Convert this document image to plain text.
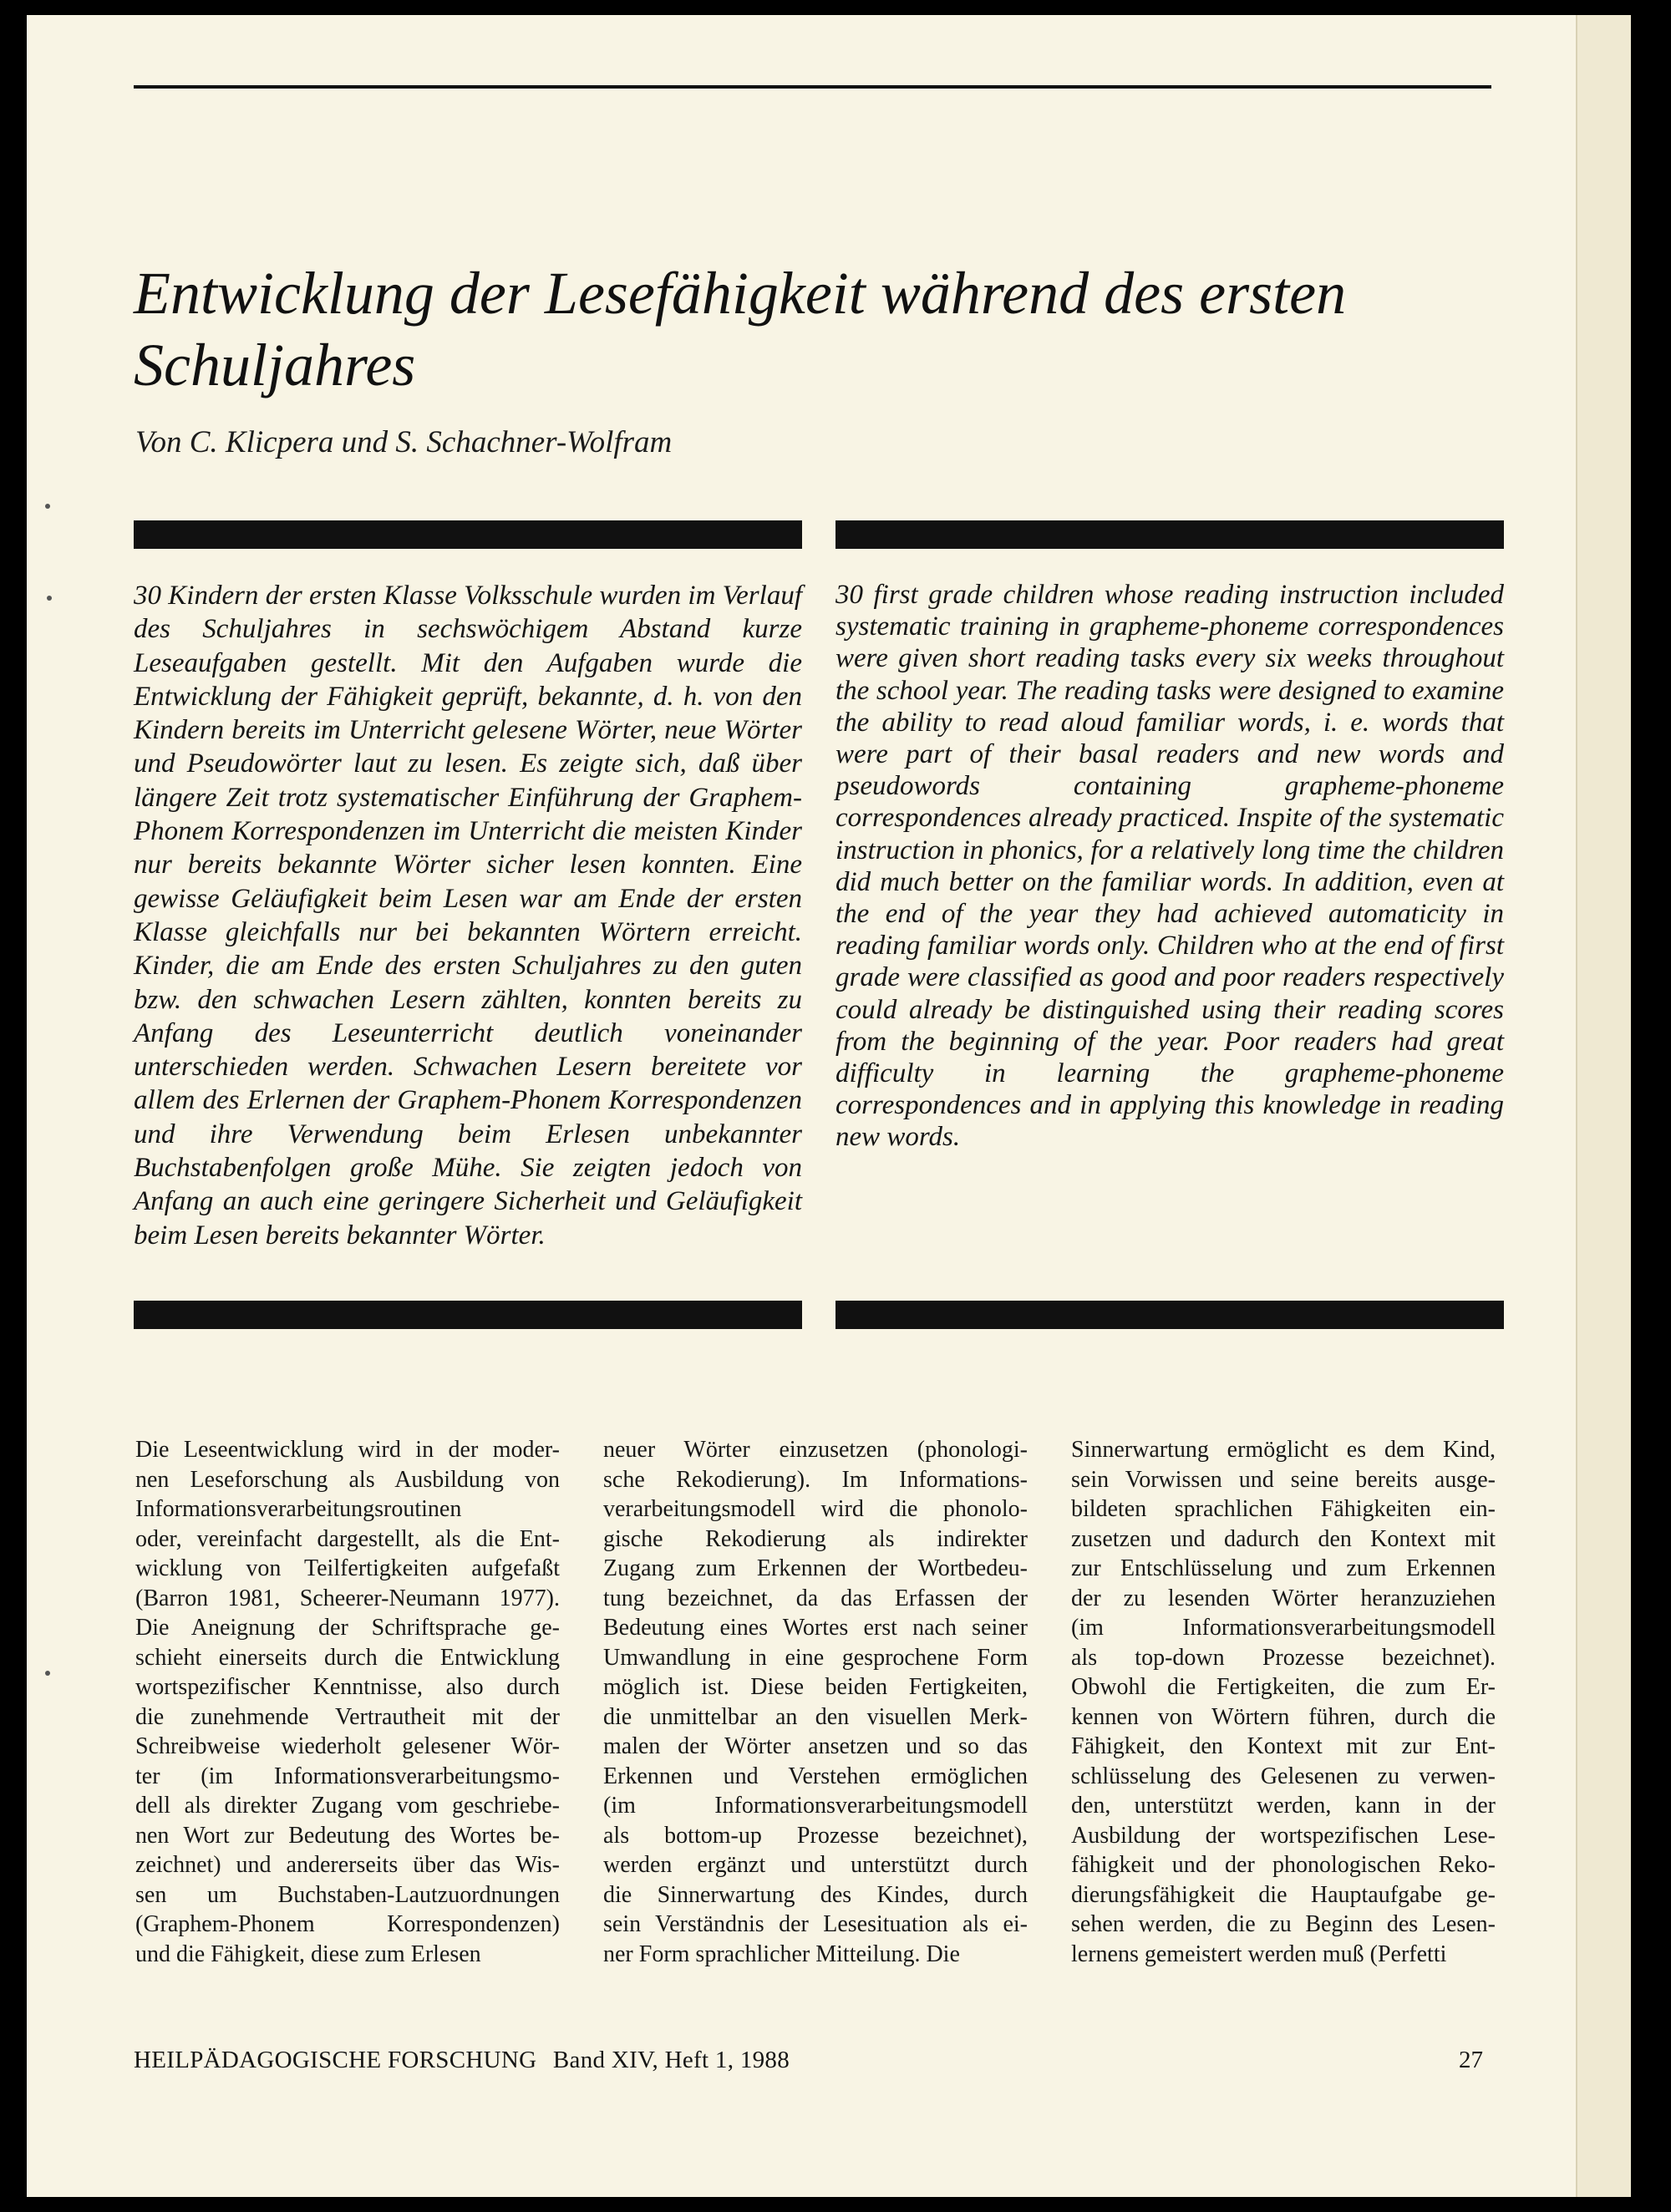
Entwicklung der Lesefähigkeit während des ersten
Schuljahres
Von C. Klicpera und S. Schachner-Wolfram
30 Kindern der ersten Klasse Volksschule wurden im Verlauf des Schuljahres in sechswöchigem Abstand kurze Leseaufgaben gestellt. Mit den Aufgaben wurde die Entwicklung der Fähigkeit geprüft, bekannte, d. h. von den Kindern bereits im Unterricht gelesene Wörter, neue Wörter und Pseudowörter laut zu lesen. Es zeigte sich, daß über längere Zeit trotz systematischer Einführung der Graphem-Phonem Korrespondenzen im Unterricht die meisten Kinder nur bereits bekannte Wörter sicher lesen konnten. Eine gewisse Geläufigkeit beim Lesen war am Ende der ersten Klasse gleichfalls nur bei bekannten Wörtern erreicht. Kinder, die am Ende des ersten Schuljahres zu den guten bzw. den schwachen Lesern zählten, konnten bereits zu Anfang des Leseunterricht deutlich voneinander unterschieden werden. Schwachen Lesern bereitete vor allem des Erlernen der Graphem-Phonem Korrespondenzen und ihre Verwendung beim Erlesen unbekannter Buchstabenfolgen große Mühe. Sie zeigten jedoch von Anfang an auch eine geringere Sicherheit und Geläufigkeit beim Lesen bereits bekannter Wörter.
30 first grade children whose reading instruction included systematic training in grapheme-phoneme correspondences were given short reading tasks every six weeks throughout the school year. The reading tasks were designed to examine the ability to read aloud familiar words, i. e. words that were part of their basal readers and new words and pseudowords containing grapheme-phoneme correspondences already practiced. Inspite of the systematic instruction in phonics, for a relatively long time the children did much better on the familiar words. In addition, even at the end of the year they had achieved automaticity in reading familiar words only. Children who at the end of first grade were classified as good and poor readers respectively could already be distinguished using their reading scores from the beginning of the year. Poor readers had great difficulty in learning the grapheme-phoneme correspondences and in applying this knowledge in reading new words.
Die Leseentwicklung wird in der moder-
nen Leseforschung als Ausbildung von
Informationsverarbeitungsroutinen
oder, vereinfacht dargestellt, als die Ent-
wicklung von Teilfertigkeiten aufgefaßt
(Barron 1981, Scheerer-Neumann 1977).
Die Aneignung der Schriftsprache ge-
schieht einerseits durch die Entwicklung
wortspezifischer Kenntnisse, also durch
die zunehmende Vertrautheit mit der
Schreibweise wiederholt gelesener Wör-
ter (im Informationsverarbeitungsmo-
dell als direkter Zugang vom geschriebe-
nen Wort zur Bedeutung des Wortes be-
zeichnet) und andererseits über das Wis-
sen um Buchstaben-Lautzuordnungen
(Graphem-Phonem Korrespondenzen)
und die Fähigkeit, diese zum Erlesen
neuer Wörter einzusetzen (phonologi-
sche Rekodierung). Im Informations-
verarbeitungsmodell wird die phonolo-
gische Rekodierung als indirekter
Zugang zum Erkennen der Wortbedeu-
tung bezeichnet, da das Erfassen der
Bedeutung eines Wortes erst nach seiner
Umwandlung in eine gesprochene Form
möglich ist. Diese beiden Fertigkeiten,
die unmittelbar an den visuellen Merk-
malen der Wörter ansetzen und so das
Erkennen und Verstehen ermöglichen
(im Informationsverarbeitungsmodell
als bottom-up Prozesse bezeichnet),
werden ergänzt und unterstützt durch
die Sinnerwartung des Kindes, durch
sein Verständnis der Lesesituation als ei-
ner Form sprachlicher Mitteilung. Die
Sinnerwartung ermöglicht es dem Kind,
sein Vorwissen und seine bereits ausge-
bildeten sprachlichen Fähigkeiten ein-
zusetzen und dadurch den Kontext mit
zur Entschlüsselung und zum Erkennen
der zu lesenden Wörter heranzuziehen
(im Informationsverarbeitungsmodell
als top-down Prozesse bezeichnet).
Obwohl die Fertigkeiten, die zum Er-
kennen von Wörtern führen, durch die
Fähigkeit, den Kontext mit zur Ent-
schlüsselung des Gelesenen zu verwen-
den, unterstützt werden, kann in der
Ausbildung der wortspezifischen Lese-
fähigkeit und der phonologischen Reko-
dierungsfähigkeit die Hauptaufgabe ge-
sehen werden, die zu Beginn des Lesen-
lernens gemeistert werden muß (Perfetti
HEILPÄDAGOGISCHE FORSCHUNG Band XIV, Heft 1, 1988	27
